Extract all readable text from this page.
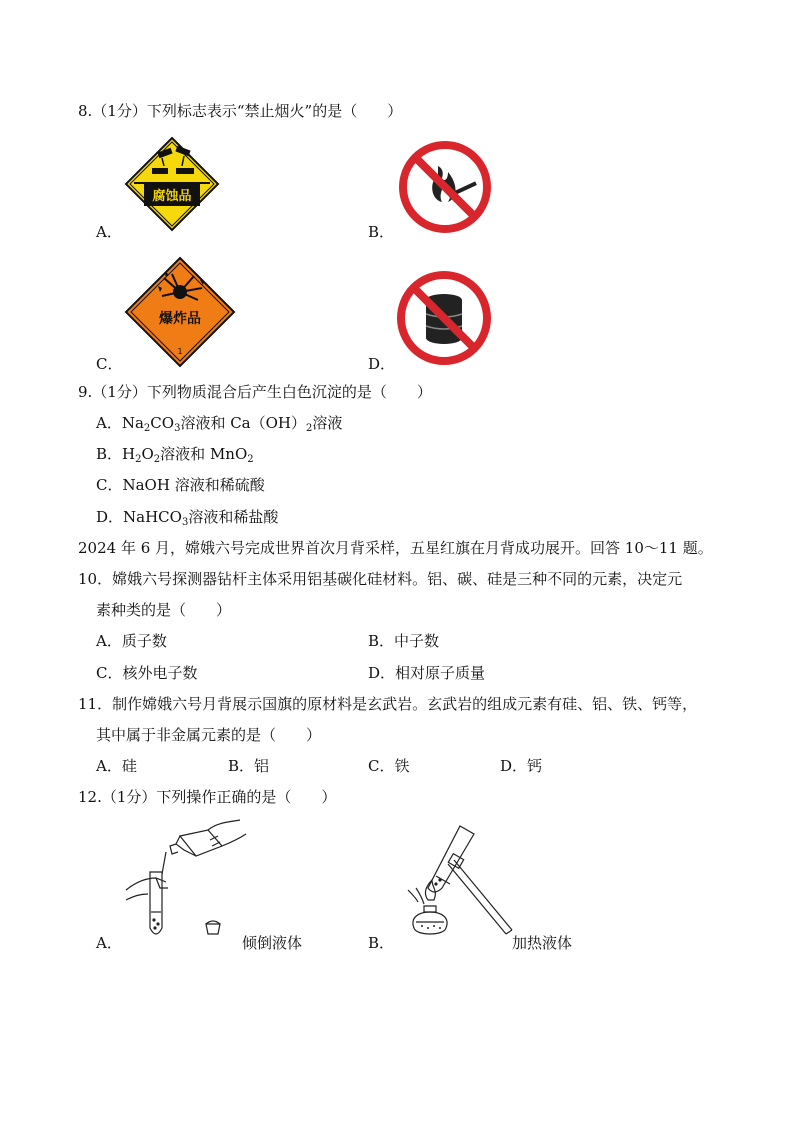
8.（1分）下列标志表示“禁止烟火”的是（　　）
A．
腐蚀品
B．
C．
爆炸品
1
D．
9.（1分）下列物质混合后产生白色沉淀的是（　　）
A．$Na_2CO_3$溶液和 $Ca(OH)_2$溶液
B．$H_2O_2$溶液和 MnO$_2$
C．NaOH 溶液和稀硫酸
D．NaHCO$_3$溶液和稀盐酸
2024 年 6 月，嫦娥六号完成世界首次月背采样，五星红旗在月背成功展开。回答 10～11 题。
10．嫦娥六号探测器钻杆主体采用铝基碳化硅材料。铝、碳、硅是三种不同的元素，决定元
素种类的是（　　）
A．质子数	B．中子数
C．核外电子数	D．相对原子质量
11．制作嫦娥六号月背展示国旗的原材料是玄武岩。玄武岩的组成元素有硅、铝、铁、钙等，
其中属于非金属元素的是（　　）
A．硅	B．铝	C．铁	D．钙
12.（1分）下列操作正确的是（　　）
A．	倾倒液体	B．	加热液体
